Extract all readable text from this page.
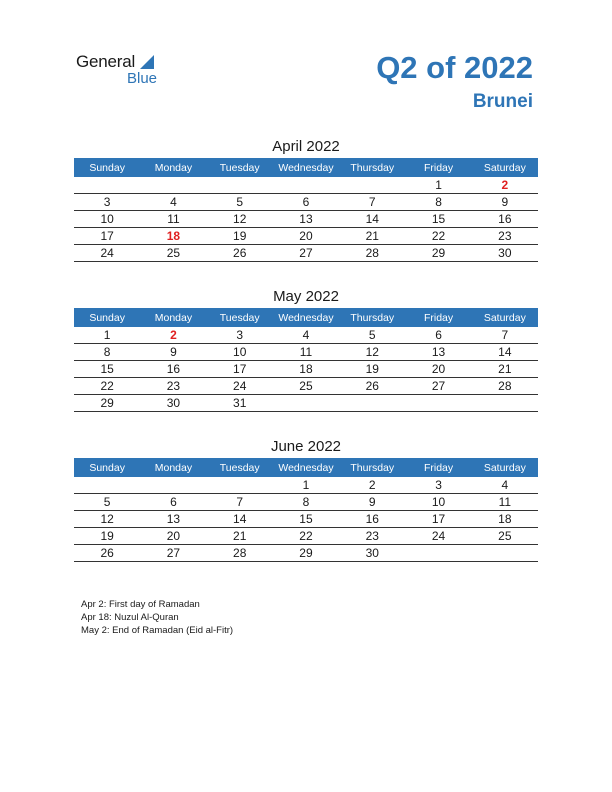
General
Blue	Q2 of 2022
Brunei
April 2022
Sunday	Monday	Tuesday	Wednesday	Thursday	Friday	Saturday
					1	2
3	4	5	6	7	8	9
10	11	12	13	14	15	16
17	18	19	20	21	22	23
24	25	26	27	28	29	30
May 2022
Sunday	Monday	Tuesday	Wednesday	Thursday	Friday	Saturday
1	2	3	4	5	6	7
8	9	10	11	12	13	14
15	16	17	18	19	20	21
22	23	24	25	26	27	28
29	30	31				
June 2022
Sunday	Monday	Tuesday	Wednesday	Thursday	Friday	Saturday
			1	2	3	4
5	6	7	8	9	10	11
12	13	14	15	16	17	18
19	20	21	22	23	24	25
26	27	28	29	30		
Apr 2: First day of Ramadan
Apr 18: Nuzul Al-Quran
May 2: End of Ramadan (Eid al-Fitr)
